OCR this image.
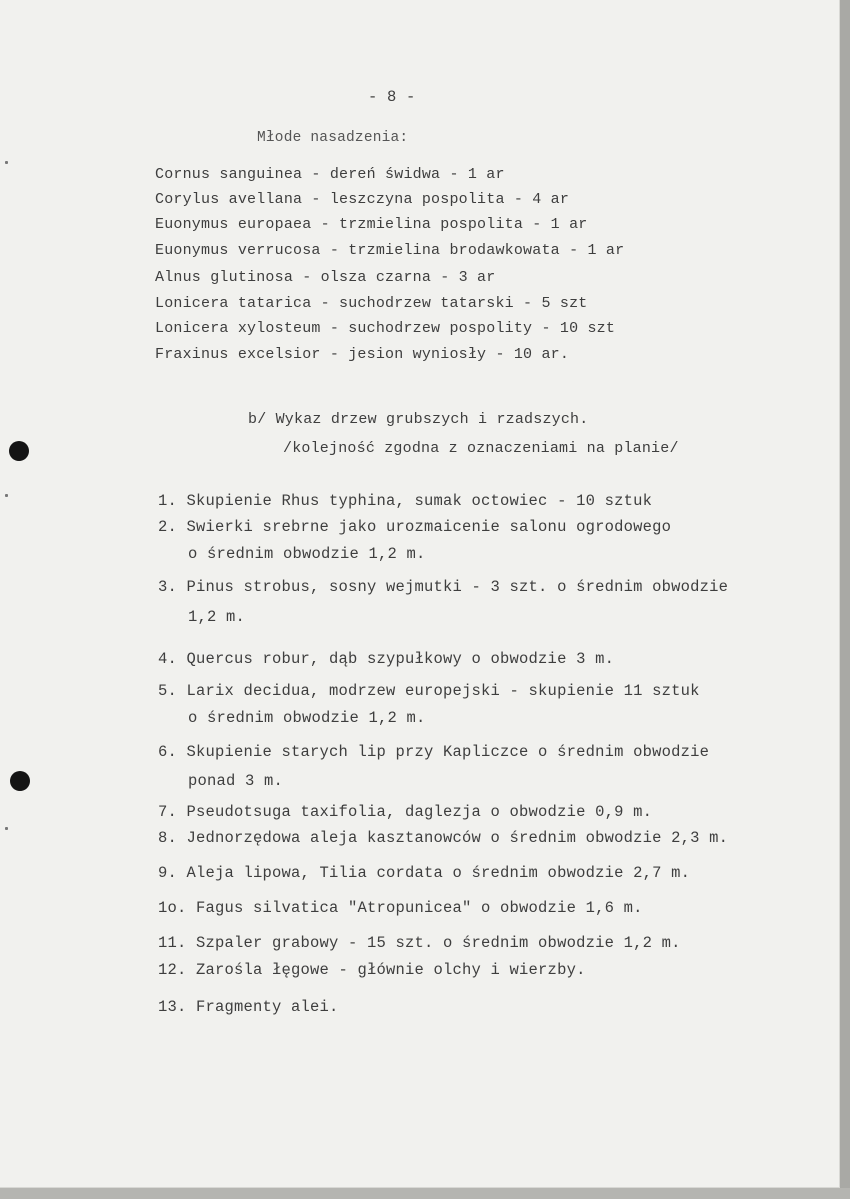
- 8 -
Młode nasadzenia:
Cornus sanguinea - dereń świdwa - 1 ar
Corylus avellana - leszczyna pospolita - 4 ar
Euonymus europaea - trzmielina pospolita - 1 ar
Euonymus verrucosa - trzmielina brodawkowata - 1 ar
Alnus glutinosa - olsza czarna - 3 ar
Lonicera tatarica - suchodrzew tatarski - 5 szt
Lonicera xylosteum - suchodrzew pospolity - 10 szt
Fraxinus excelsior - jesion wyniosły - 10 ar.
b/ Wykaz drzew grubszych i rzadszych.
/kolejność zgodna z oznaczeniami na planie/
1. Skupienie Rhus typhina, sumak octowiec - 10 sztuk
2. Swierki srebrne jako urozmaicenie salonu ogrodowego
o średnim obwodzie 1,2 m.
3. Pinus strobus, sosny wejmutki - 3 szt. o średnim obwodzie
1,2 m.
4. Quercus robur, dąb szypułkowy o obwodzie 3 m.
5. Larix decidua, modrzew europejski - skupienie 11 sztuk
o średnim obwodzie 1,2 m.
6. Skupienie starych lip przy Kapliczce o średnim obwodzie
ponad 3 m.
7. Pseudotsuga taxifolia, daglezja o obwodzie 0,9 m.
8. Jednorzędowa aleja kasztanowców o średnim obwodzie 2,3 m.
9. Aleja lipowa, Tilia cordata o średnim obwodzie 2,7 m.
1o. Fagus silvatica "Atropunicea" o obwodzie 1,6 m.
11. Szpaler grabowy - 15 szt. o średnim obwodzie 1,2 m.
12. Zarośla łęgowe - głównie olchy i wierzby.
13. Fragmenty alei.
